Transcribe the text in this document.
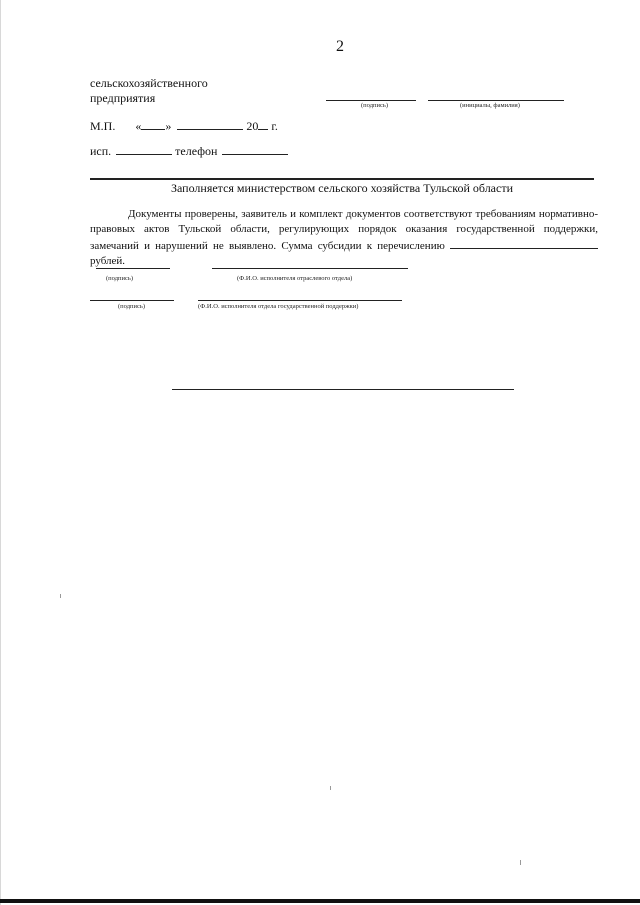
2
сельскохозяйственного
предприятия
(подпись)	(инициалы, фамилия)
М.П. « »	20 г.
исп.	телефон
Заполняется министерством сельского хозяйства Тульской области
Документы проверены, заявитель и комплект документов соответствуют требованиям нормативно-правовых актов Тульской области, регулирующих порядок оказания государственной поддержки, замечаний и нарушений не выявлено. Сумма субсидии к перечислению рублей.
(подпись)	(Ф.И.О. исполнителя отраслевого отдела)
(подпись)	(Ф.И.О. исполнителя отдела государственной поддержки)
